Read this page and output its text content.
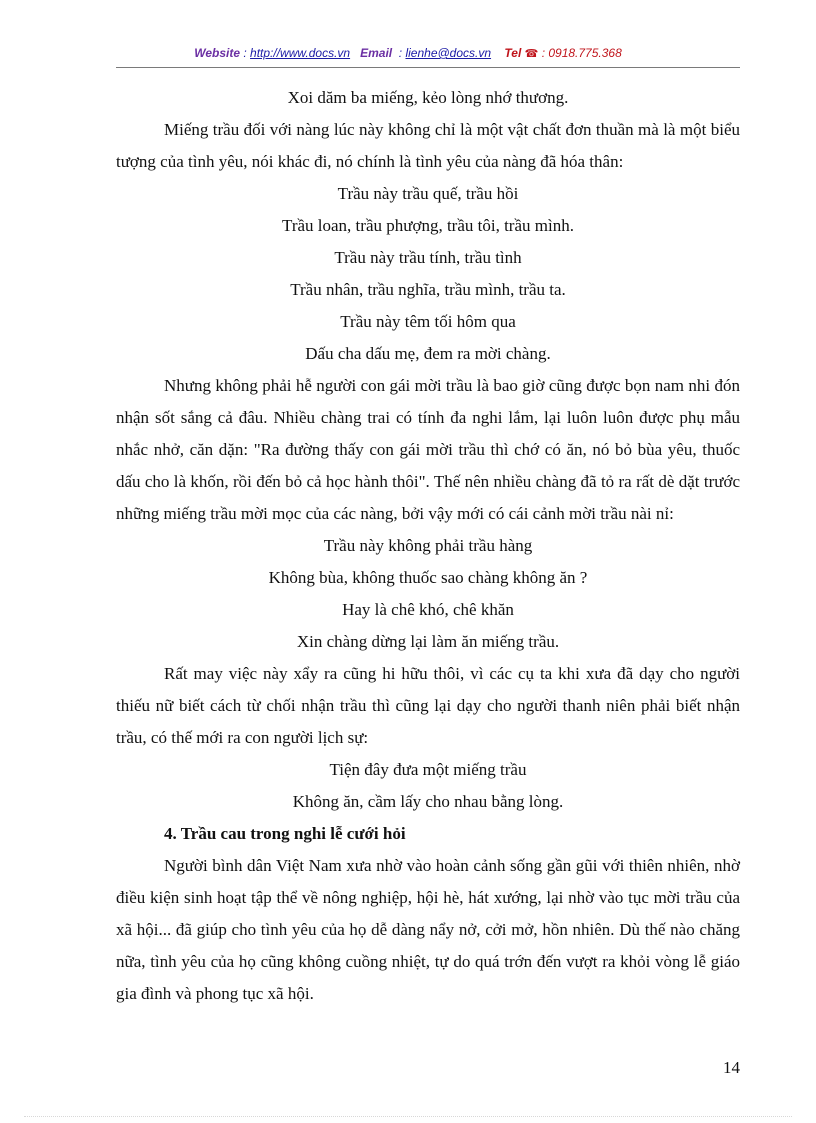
Website : http://www.docs.vn Email  : lienhe@docs.vn Tel ☎ : 0918.775.368

Xoi dăm ba miếng, kẻo lòng nhớ thương.

Miếng trầu đối với nàng lúc này không chỉ là một vật chất đơn thuần mà là một biểu tượng của tình yêu, nói khác đi, nó chính là tình yêu của nàng đã hóa thân:

Trầu này trầu quế, trầu hồi

Trầu loan, trầu phượng, trầu tôi, trầu mình.

Trầu này trầu tính, trầu tình

Trầu nhân, trầu nghĩa, trầu mình, trầu ta.

Trầu này têm tối hôm qua

Dấu cha dấu mẹ, đem ra mời chàng.

Nhưng không phải hễ người con gái mời trầu là bao giờ cũng được bọn nam nhi đón nhận sốt sắng cả đâu. Nhiều chàng trai có tính đa nghi lắm, lại luôn luôn được phụ mẫu nhắc nhở, căn dặn: "Ra đường thấy con gái mời trầu thì chớ có ăn, nó bỏ bùa yêu, thuốc dấu cho là khốn, rồi đến bỏ cả học hành thôi". Thế nên nhiều chàng đã tỏ ra rất dè dặt trước những miếng trầu mời mọc của các nàng, bởi vậy mới có cái cảnh mời trầu nài nỉ:

Trầu này không phải trầu hàng

Không bùa, không thuốc sao chàng không ăn ?

Hay là chê khó, chê khăn

Xin chàng dừng lại làm ăn miếng trầu.

Rất may việc này xẩy ra cũng hi hữu thôi, vì các cụ ta khi xưa đã dạy cho người thiếu nữ biết cách từ chối nhận trầu thì cũng lại dạy cho người thanh niên phải biết nhận trầu, có thế mới ra con người lịch sự:

Tiện đây đưa một miếng trầu

Không ăn, cầm lấy cho nhau bằng lòng.

4. Trầu cau trong nghi lễ cưới hỏi

Người bình dân Việt Nam xưa nhờ vào hoàn cảnh sống gần gũi với thiên nhiên, nhờ điều kiện sinh hoạt tập thể về nông nghiệp, hội hè, hát xướng, lại nhờ vào tục mời trầu của xã hội... đã giúp cho tình yêu của họ dễ dàng nẩy nở, cởi mở, hồn nhiên. Dù thế nào chăng nữa, tình yêu của họ cũng không cuồng nhiệt, tự do quá trớn đến vượt ra khỏi vòng lễ giáo gia đình và phong tục xã hội.

14
